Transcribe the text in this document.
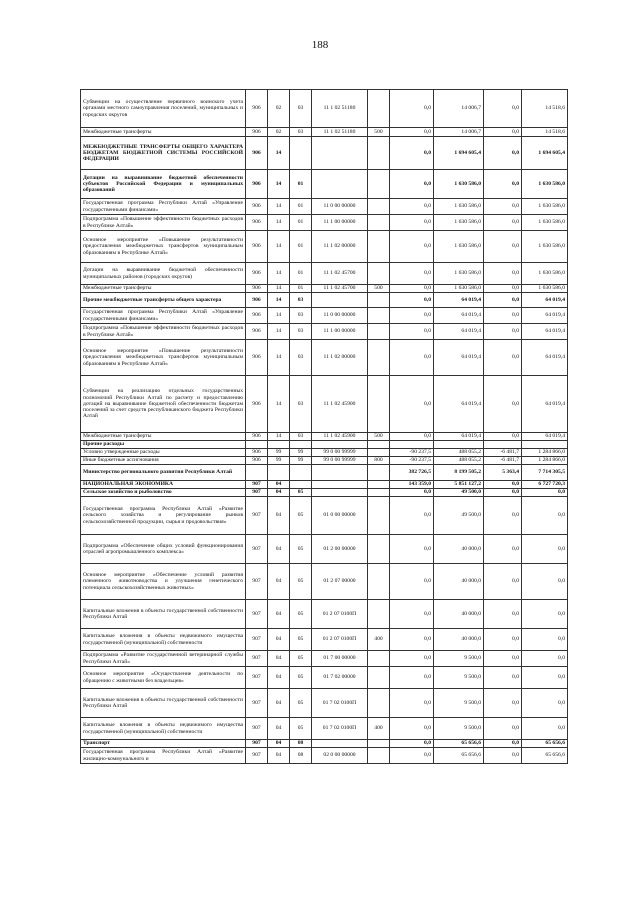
188
Субвенции на осуществление первичного воинского учета органами местного самоуправления поселений, муниципальных и городских округов	906	02	03	11 1 02 51180		0,0	14 006,7	0,0	14 518,6
Межбюджетные трансферты	906	02	03	11 1 02 51180	500	0,0	14 006,7	0,0	14 518,6
МЕЖБЮДЖЕТНЫЕ ТРАНСФЕРТЫ ОБЩЕГО ХАРАКТЕРА БЮДЖЕТАМ БЮДЖЕТНОЙ СИСТЕМЫ РОССИЙСКОЙ ФЕДЕРАЦИИ	906	14				0,0	1 694 605,4	0,0	1 694 605,4
Дотации на выравнивание бюджетной обеспеченности субъектов Российской Федерации и муниципальных образований	906	14	01			0,0	1 630 586,0	0,0	1 630 586,0
Государственная программа Республики Алтай «Управление государственными финансами»	906	14	01	11 0 00 00000		0,0	1 630 586,0	0,0	1 630 586,0
Подпрограмма «Повышение эффективности бюджетных расходов в Республике Алтай»	906	14	01	11 1 00 00000		0,0	1 630 586,0	0,0	1 630 586,0
Основное мероприятие «Повышение результативности предоставления межбюджетных трансфертов муниципальным образованиям в Республике Алтай»	906	14	01	11 1 02 00000		0,0	1 630 586,0	0,0	1 630 586,0
Дотации на выравнивание бюджетной обеспеченности муниципальных районов (городских округов)	906	14	01	11 1 02 45700		0,0	1 630 586,0	0,0	1 630 586,0
Межбюджетные трансферты	906	14	01	11 1 02 45700	500	0,0	1 630 586,0	0,0	1 630 586,0
Прочие межбюджетные трансферты общего характера	906	14	03			0,0	64 019,4	0,0	64 019,4
Государственная программа Республики Алтай «Управление государственными финансами»	906	14	03	11 0 00 00000		0,0	64 019,4	0,0	64 019,4
Подпрограмма «Повышение эффективности бюджетных расходов в Республике Алтай»	906	14	03	11 1 00 00000		0,0	64 019,4	0,0	64 019,4
Основное мероприятие «Повышение результативности предоставления межбюджетных трансфертов муниципальным образованиям в Республике Алтай»	906	14	03	11 1 02 00000		0,0	64 019,4	0,0	64 019,4
Субвенции на реализацию отдельных государственных полномочий Республики Алтай по расчету и предоставлению дотаций на выравнивание бюджетной обеспеченности бюджетам поселений за счет средств республиканского бюджета Республики Алтай	906	14	03	11 1 02 45900		0,0	64 019,4	0,0	64 019,4
Межбюджетные трансферты	906	14	03	11 1 02 45900	500	0,0	64 019,4	0,0	64 019,4
Прочие расходы									
Условно утвержденные расходы	906	99	99	99 0 00 99999		-90 237,5	488 055,2	-6 481,7	1 284 866,0
Иные бюджетные ассигнования	906	99	99	99 0 00 99999	800	-90 237,5	488 055,2	-6 481,7	1 284 866,0
Министерство регионального развития Республики Алтай						382 726,5	8 199 505,2	5 363,4	7 714 305,5
НАЦИОНАЛЬНАЯ ЭКОНОМИКА	907	04				143 359,0	5 851 127,2	0,0	6 727 720,3
Сельское хозяйство и рыболовство	907	04	05			0,0	49 500,0	0,0	0,0
Государственная программа Республики Алтай «Развитие сельского хозяйства и регулирование рынков сельскохозяйственной продукции, сырья и продовольствия»	907	04	05	01 0 00 00000		0,0	49 500,0	0,0	0,0
Подпрограмма «Обеспечение общих условий функционирования отраслей агропромышленного комплекса»	907	04	05	01 2 00 00000		0,0	40 000,0	0,0	0,0
Основное мероприятие «Обеспечение условий развития племенного животноводства и улучшения генетического потенциала сельскохозяйственных животных»	907	04	05	01 2 07 00000		0,0	40 000,0	0,0	0,0
Капитальные вложения в объекты государственной собственности Республики Алтай	907	04	05	01 2 07 0100П		0,0	40 000,0	0,0	0,0
Капитальные вложения в объекты недвижимого имущества государственной (муниципальной) собственности	907	04	05	01 2 07 0100П	400	0,0	40 000,0	0,0	0,0
Подпрограмма «Развитие государственной ветеринарной службы Республики Алтай»	907	04	05	01 7 00 00000		0,0	9 500,0	0,0	0,0
Основное мероприятие «Осуществление деятельности по обращению с животными без владельцев»	907	04	05	01 7 02 00000		0,0	9 500,0	0,0	0,0
Капитальные вложения в объекты государственной собственности Республики Алтай	907	04	05	01 7 02 0100П		0,0	9 500,0	0,0	0,0
Капитальные вложения в объекты недвижимого имущества государственной (муниципальной) собственности	907	04	05	01 7 02 0100П	400	0,0	9 500,0	0,0	0,0
Транспорт	907	04	08			0,0	65 656,6	0,0	65 656,6
Государственная программа Республики Алтай «Развитие жилищно-коммунального и	907	04	08	02 0 00 00000		0,0	65 656,6	0,0	65 656,6
